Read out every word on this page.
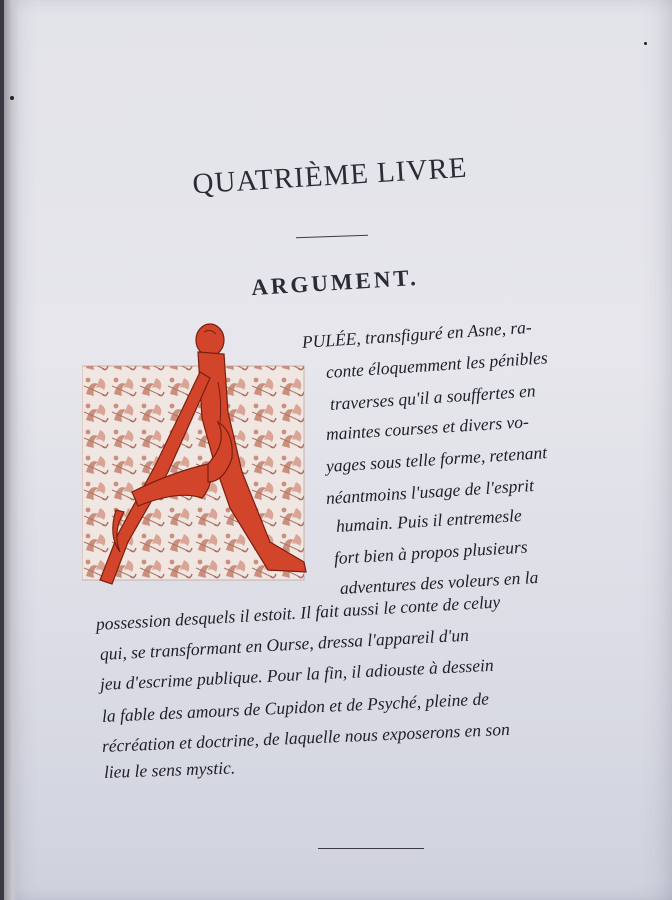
QUATRIÈME LIVRE
ARGUMENT.
PULÉE, transfiguré en Asne, ra-
conte éloquemment les pénibles
traverses qu'il a souffertes en
maintes courses et divers vo-
yages sous telle forme, retenant
néantmoins l'usage de l'esprit
humain. Puis il entremesle
fort bien à propos plusieurs
adventures des voleurs en la
possession desquels il estoit. Il fait aussi le conte de celuy
qui, se transformant en Ourse, dressa l'appareil d'un
jeu d'escrime publique. Pour la fin, il adiouste à dessein
la fable des amours de Cupidon et de Psyché, pleine de
récréation et doctrine, de laquelle nous exposerons en son
lieu le sens mystic.
